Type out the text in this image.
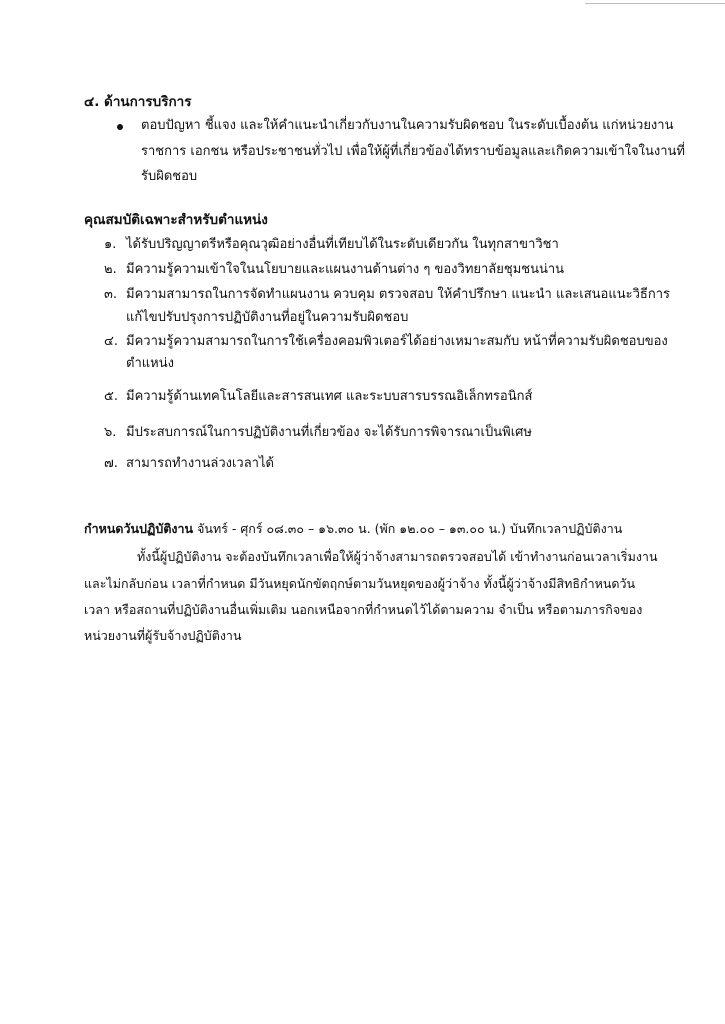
๔. ด้านการบริการ
ตอบปัญหา ชี้แจง และให้คำแนะนำเกี่ยวกับงานในความรับผิดชอบ ในระดับเบื้องต้น แก่หน่วยงาน
ราชการ เอกชน หรือประชาชนทั่วไป เพื่อให้ผู้ที่เกี่ยวข้องได้ทราบข้อมูลและเกิดความเข้าใจในงานที่
รับผิดชอบ
คุณสมบัติเฉพาะสำหรับตำแหน่ง
๑. ได้รับปริญญาตรีหรือคุณวุฒิอย่างอื่นที่เทียบได้ในระดับเดียวกัน ในทุกสาขาวิชา
๒. มีความรู้ความเข้าใจในนโยบายและแผนงานด้านต่าง ๆ ของวิทยาลัยชุมชนน่าน
๓. มีความสามารถในการจัดทำแผนงาน ควบคุม ตรวจสอบ ให้คำปรึกษา แนะนำ และเสนอแนะวิธีการ
แก้ไขปรับปรุงการปฏิบัติงานที่อยู่ในความรับผิดชอบ
๔. มีความรู้ความสามารถในการใช้เครื่องคอมพิวเตอร์ได้อย่างเหมาะสมกับ หน้าที่ความรับผิดชอบของ
ตำแหน่ง
๕. มีความรู้ด้านเทคโนโลยีและสารสนเทศ และระบบสารบรรณอิเล็กทรอนิกส์
๖. มีประสบการณ์ในการปฏิบัติงานที่เกี่ยวข้อง จะได้รับการพิจารณาเป็นพิเศษ
๗. สามารถทำงานล่วงเวลาได้
กำหนดวันปฏิบัติงาน จันทร์ - ศุกร์ ๐๘.๓๐ – ๑๖.๓๐ น. (พัก ๑๒.๐๐ – ๑๓.๐๐ น.) บันทึกเวลาปฏิบัติงาน
ทั้งนี้ผู้ปฏิบัติงาน จะต้องบันทึกเวลาเพื่อให้ผู้ว่าจ้างสามารถตรวจสอบได้ เข้าทำงานก่อนเวลาเริ่มงาน
และไม่กลับก่อน เวลาที่กำหนด มีวันหยุดนักขัตฤกษ์ตามวันหยุดของผู้ว่าจ้าง ทั้งนี้ผู้ว่าจ้างมีสิทธิกำหนดวัน
เวลา หรือสถานที่ปฏิบัติงานอื่นเพิ่มเติม นอกเหนือจากที่กำหนดไว้ได้ตามความ จำเป็น หรือตามภารกิจของ
หน่วยงานที่ผู้รับจ้างปฏิบัติงาน
